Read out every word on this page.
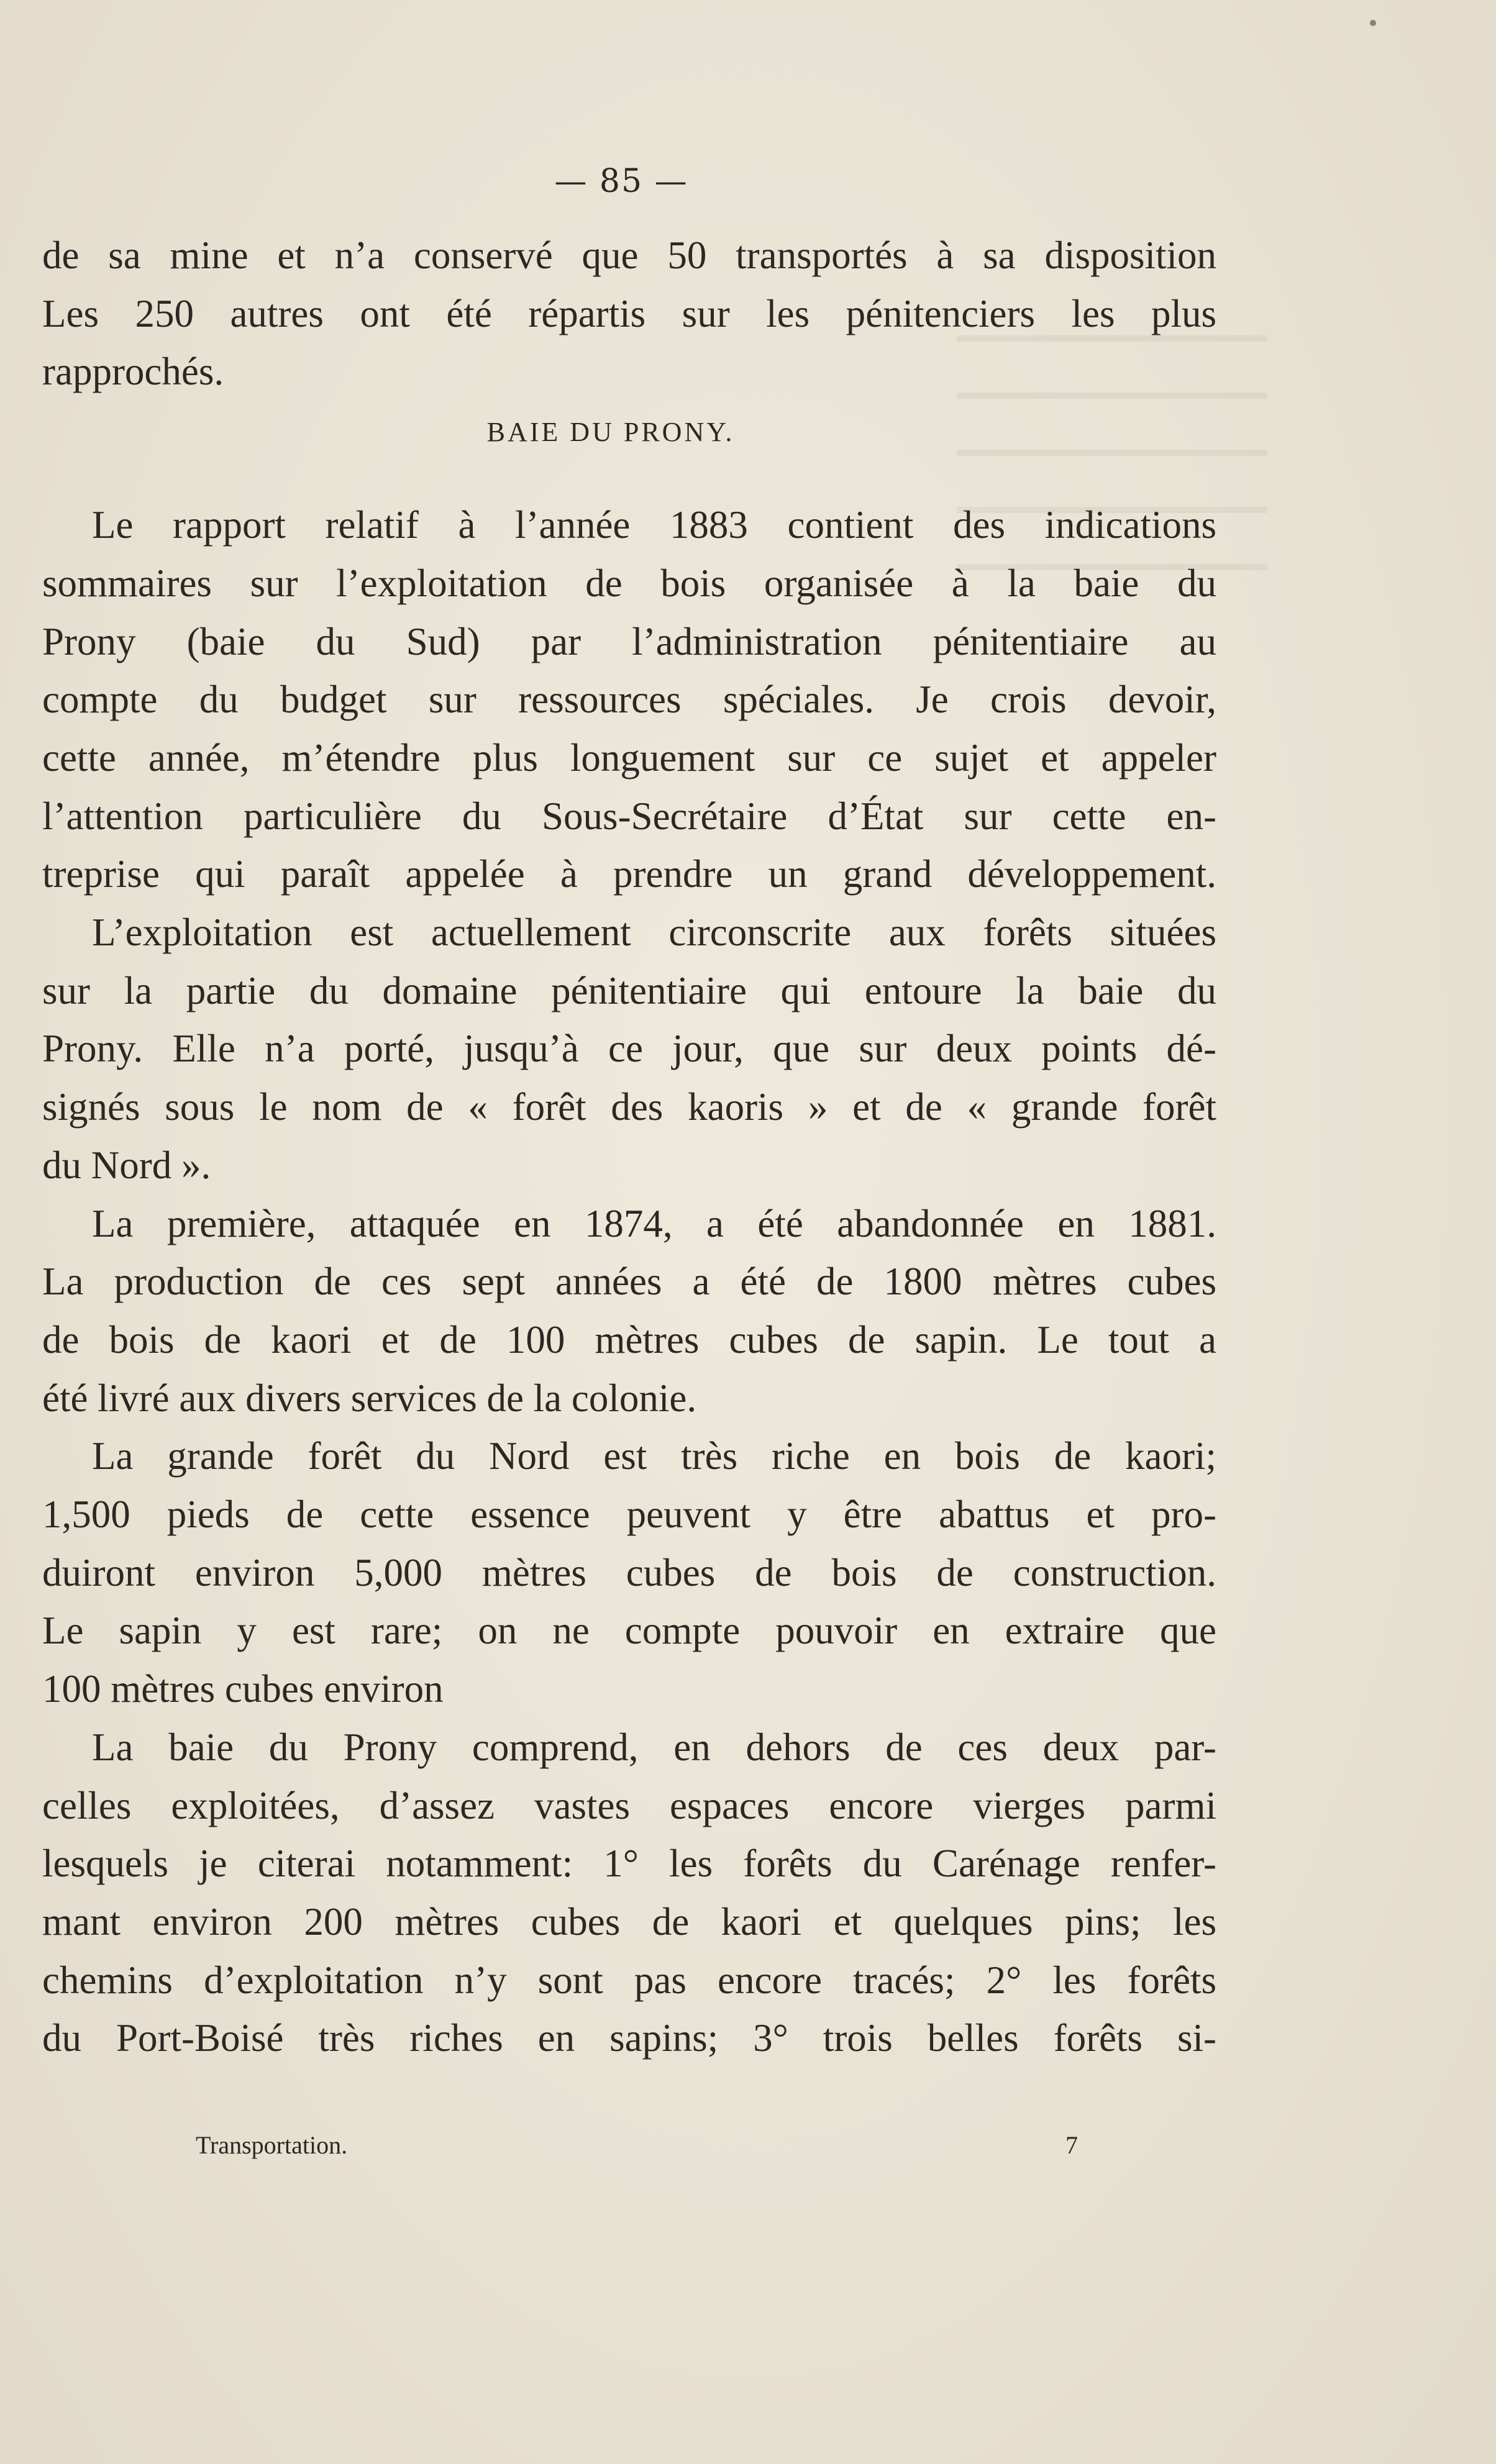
— 85 —
de sa mine et n’a conservé que 50 transportés à sa disposition
Les 250 autres ont été répartis sur les pénitenciers les plus
rapprochés.
BAIE DU PRONY.
Le rapport relatif à l’année 1883 contient des indications
sommaires sur l’exploitation de bois organisée à la baie du
Prony (baie du Sud) par l’administration pénitentiaire au
compte du budget sur ressources spéciales. Je crois devoir,
cette année, m’étendre plus longuement sur ce sujet et appeler
l’attention particulière du Sous-Secrétaire d’État sur cette en-
treprise qui paraît appelée à prendre un grand développement.
L’exploitation est actuellement circonscrite aux forêts situées
sur la partie du domaine pénitentiaire qui entoure la baie du
Prony. Elle n’a porté, jusqu’à ce jour, que sur deux points dé-
signés sous le nom de « forêt des kaoris » et de « grande forêt
du Nord ».
La première, attaquée en 1874, a été abandonnée en 1881.
La production de ces sept années a été de 1800 mètres cubes
de bois de kaori et de 100 mètres cubes de sapin. Le tout a
été livré aux divers services de la colonie.
La grande forêt du Nord est très riche en bois de kaori;
1,500 pieds de cette essence peuvent y être abattus et pro-
duiront environ 5,000 mètres cubes de bois de construction.
Le sapin y est rare; on ne compte pouvoir en extraire que
100 mètres cubes environ
La baie du Prony comprend, en dehors de ces deux par-
celles exploitées, d’assez vastes espaces encore vierges parmi
lesquels je citerai notamment: 1° les forêts du Carénage renfer-
mant environ 200 mètres cubes de kaori et quelques pins; les
chemins d’exploitation n’y sont pas encore tracés; 2° les forêts
du Port-Boisé très riches en sapins; 3° trois belles forêts si-
Transportation.	7
